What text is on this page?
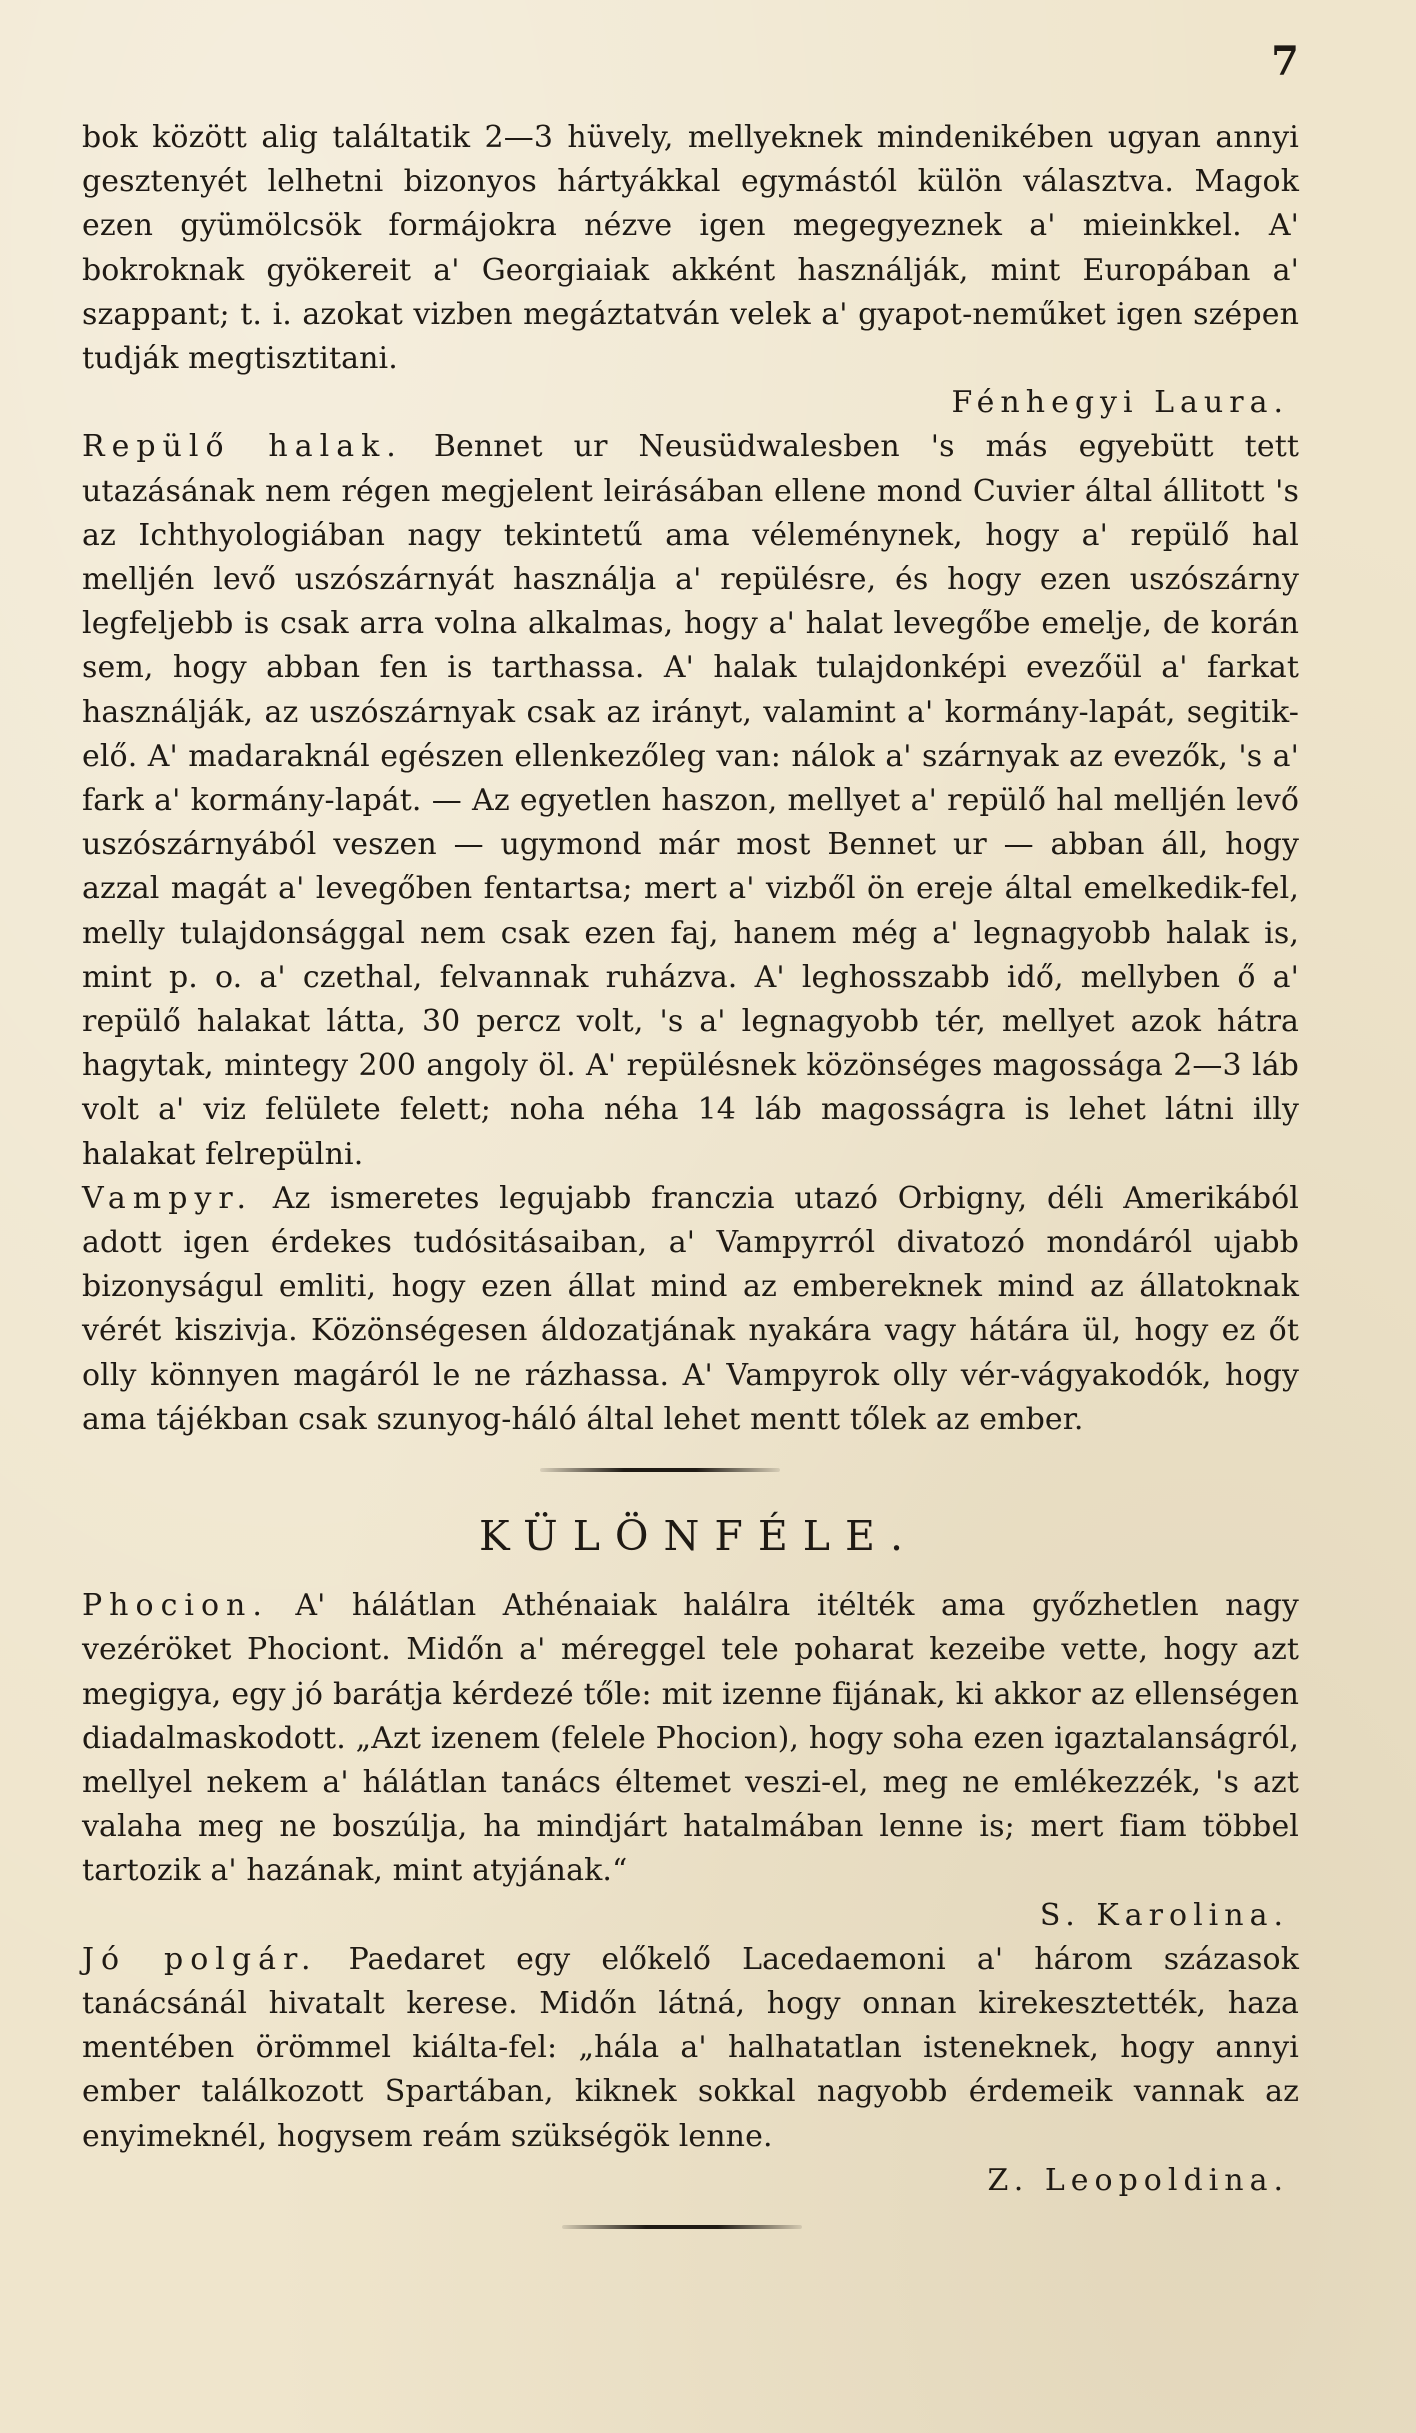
7

bok között alig találtatik 2—3 hüvely, mellyeknek mindenikében ugyan annyi gesztenyét lelhetni bizonyos hártyákkal egymástól külön választva. Magok ezen gyümölcsök formájokra nézve igen megegyeznek a' mieinkkel. A' bokroknak gyökereit a' Georgiaiak akként használják, mint Europában a' szappant; t. i. azokat vizben megáztatván velek a' gyapot-neműket igen szépen tudják megtisztitani.

Fénhegyi Laura.

Repülő halak. Bennet ur Neusüdwalesben 's más egyebütt tett utazásának nem régen megjelent leirásában ellene mond Cuvier által állitott 's az Ichthyologiában nagy tekintetű ama véleménynek, hogy a' repülő hal melljén levő uszószárnyát használja a' repülésre, és hogy ezen uszószárny legfeljebb is csak arra volna alkalmas, hogy a' halat levegőbe emelje, de korán sem, hogy abban fen is tarthassa. A' halak tulajdonképi evezőül a' farkat használják, az uszószárnyak csak az irányt, valamint a' kormány-lapát, segitik-elő. A' madaraknál egészen ellenkezőleg van: nálok a' szárnyak az evezők, 's a' fark a' kormány-lapát. — Az egyetlen haszon, mellyet a' repülő hal melljén levő uszószárnyából veszen — ugymond már most Bennet ur — abban áll, hogy azzal magát a' levegőben fentartsa; mert a' vizből ön ereje által emelkedik-fel, melly tulajdonsággal nem csak ezen faj, hanem még a' legnagyobb halak is, mint p. o. a' czethal, felvannak ruházva. A' leghosszabb idő, mellyben ő a' repülő halakat látta, 30 percz volt, 's a' legnagyobb tér, mellyet azok hátra hagytak, mintegy 200 angoly öl. A' repülésnek közönséges magossága 2—3 láb volt a' viz felülete felett; noha néha 14 láb magosságra is lehet látni illy halakat felrepülni.

Vampyr. Az ismeretes legujabb franczia utazó Orbigny, déli Amerikából adott igen érdekes tudósitásaiban, a' Vampyrról divatozó mondáról ujabb bizonyságul emliti, hogy ezen állat mind az embereknek mind az állatoknak vérét kiszivja. Közönségesen áldozatjának nyakára vagy hátára ül, hogy ez őt olly könnyen magáról le ne rázhassa. A' Vampyrok olly vér-vágyakodók, hogy ama tájékban csak szunyog-háló által lehet mentt tőlek az ember.

KÜLÖNFÉLE.

Phocion. A' hálátlan Athénaiak halálra itélték ama győzhetlen nagy vezéröket Phociont. Midőn a' méreggel tele poharat kezeibe vette, hogy azt megigya, egy jó barátja kérdezé tőle: mit izenne fijának, ki akkor az ellenségen diadalmaskodott. „Azt izenem (felele Phocion), hogy soha ezen igaztalanságról, mellyel nekem a' hálátlan tanács éltemet veszi-el, meg ne emlékezzék, 's azt valaha meg ne boszúlja, ha mindjárt hatalmában lenne is; mert fiam többel tartozik a' hazának, mint atyjának.“

S. Karolina.

Jó polgár. Paedaret egy előkelő Lacedaemoni a' három százasok tanácsánál hivatalt kerese. Midőn látná, hogy onnan kirekesztették, haza mentében örömmel kiálta-fel: „hála a' halhatatlan isteneknek, hogy annyi ember találkozott Spartában, kiknek sokkal nagyobb érdemeik vannak az enyimeknél, hogysem reám szükségök lenne.

Z. Leopoldina.
